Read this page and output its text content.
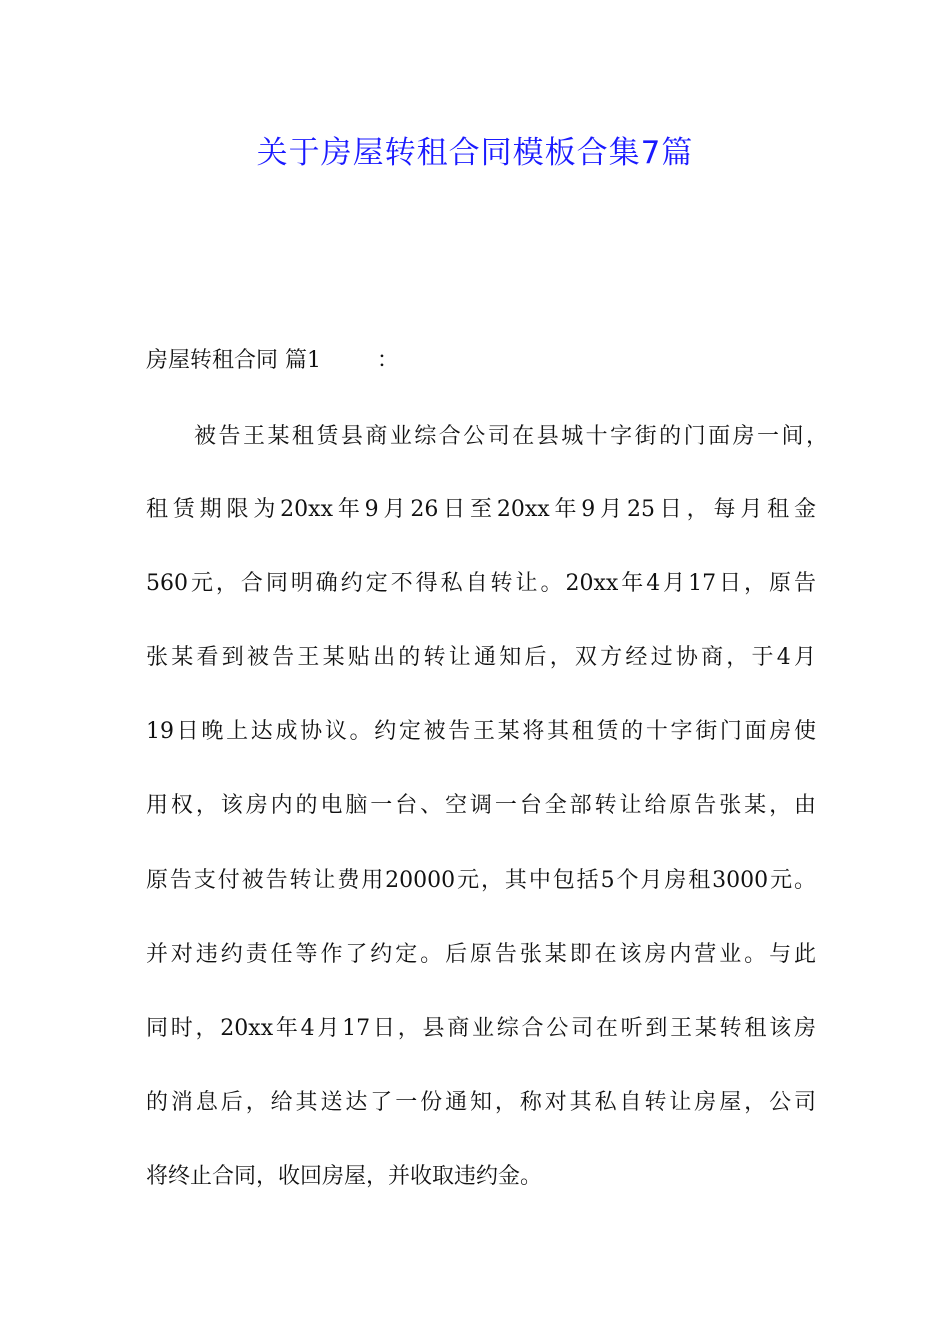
关于房屋转租合同模板合集7篇

房屋转租合同 篇1        ：

被告王某租赁县商业综合公司在县城十字街的门面房一间，

租赁期限为20xx年9月26日至20xx年9月25日，每月租金

560元，合同明确约定不得私自转让。20xx年4月17日，原告

张某看到被告王某贴出的转让通知后，双方经过协商，于4月

19日晚上达成协议。约定被告王某将其租赁的十字街门面房使

用权，该房内的电脑一台、空调一台全部转让给原告张某，由

原告支付被告转让费用20000元，其中包括5个月房租3000元。

并对违约责任等作了约定。后原告张某即在该房内营业。与此

同时，20xx年4月17日，县商业综合公司在听到王某转租该房

的消息后，给其送达了一份通知，称对其私自转让房屋，公司

将终止合同，收回房屋，并收取违约金。
